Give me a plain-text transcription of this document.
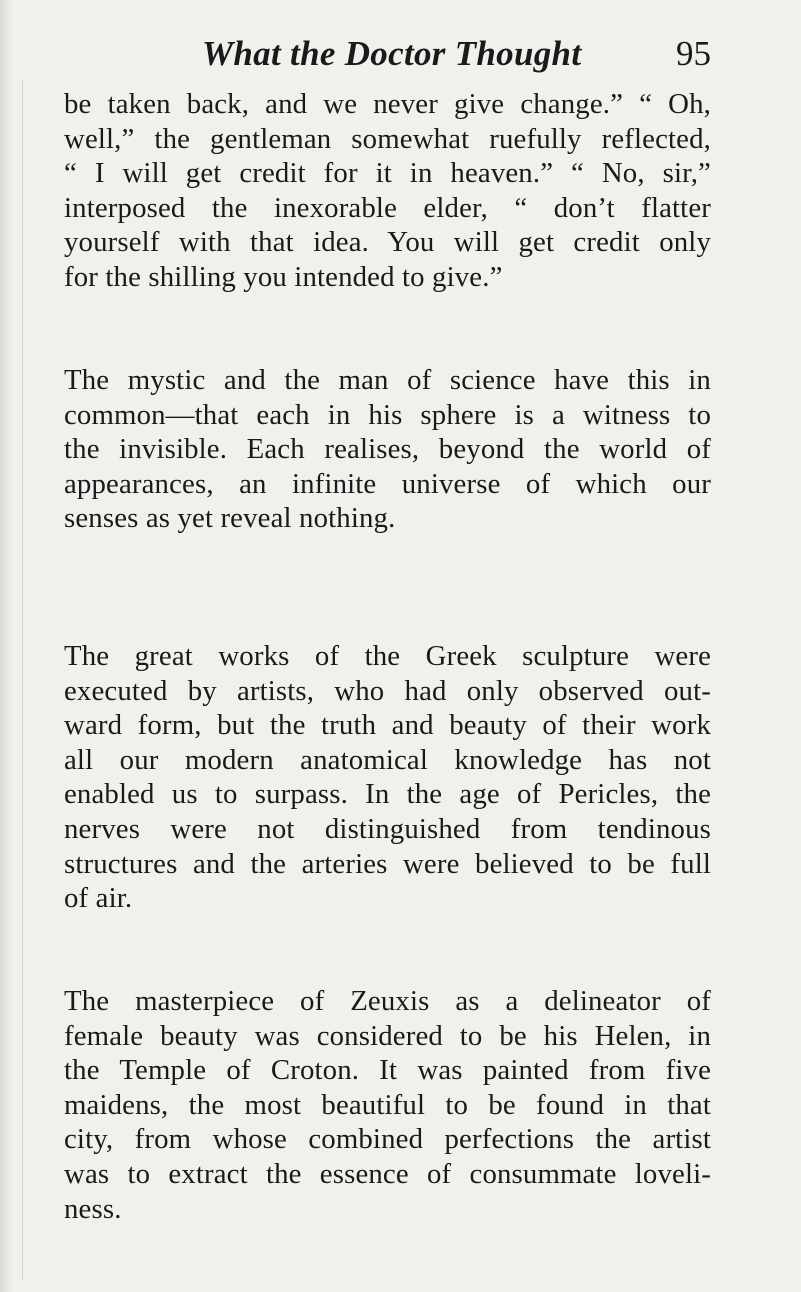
What the Doctor Thought	95
be taken back, and we never give change.” “ Oh,
well,” the gentleman somewhat ruefully reflected,
“ I will get credit for it in heaven.” “ No, sir,”
interposed the inexorable elder, “ don’t flatter
yourself with that idea. You will get credit only
for the shilling you intended to give.”
The mystic and the man of science have this in
common—that each in his sphere is a witness to
the invisible. Each realises, beyond the world of
appearances, an infinite universe of which our
senses as yet reveal nothing.
The great works of the Greek sculpture were
executed by artists, who had only observed out-
ward form, but the truth and beauty of their work
all our modern anatomical knowledge has not
enabled us to surpass. In the age of Pericles, the
nerves were not distinguished from tendinous
structures and the arteries were believed to be full
of air.
The masterpiece of Zeuxis as a delineator of
female beauty was considered to be his Helen, in
the Temple of Croton. It was painted from five
maidens, the most beautiful to be found in that
city, from whose combined perfections the artist
was to extract the essence of consummate loveli-
ness.
